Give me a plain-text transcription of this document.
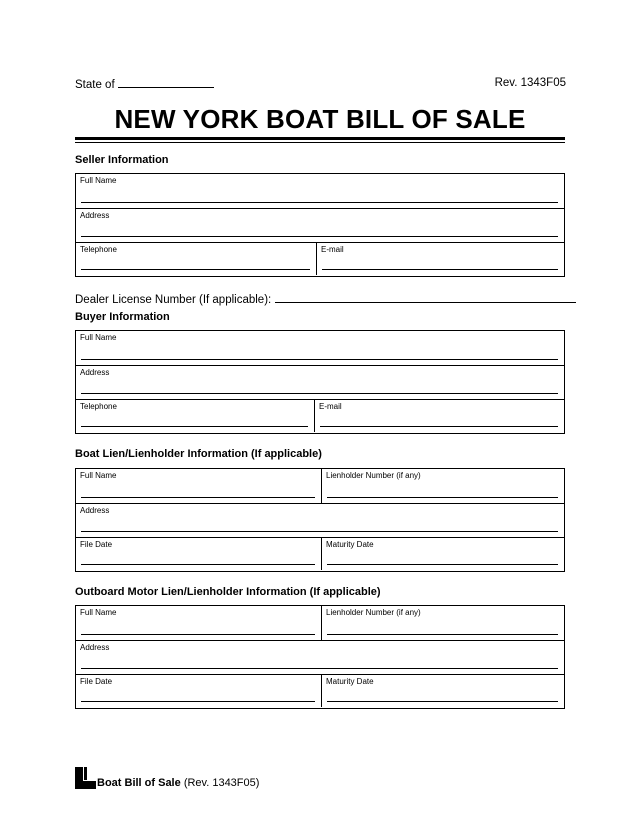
State of	Rev. 1343F05
NEW YORK BOAT BILL OF SALE
Seller Information
Full Name
Address
Telephone	E-mail
Dealer License Number (If applicable):
Buyer Information
Full Name
Address
Telephone	E-mail
Boat Lien/Lienholder Information (If applicable)
Full Name	Lienholder Number (if any)
Address
File Date	Maturity Date
Outboard Motor Lien/Lienholder Information (If applicable)
Full Name	Lienholder Number (if any)
Address
File Date	Maturity Date
Boat Bill of Sale
(Rev. 1343F05)
